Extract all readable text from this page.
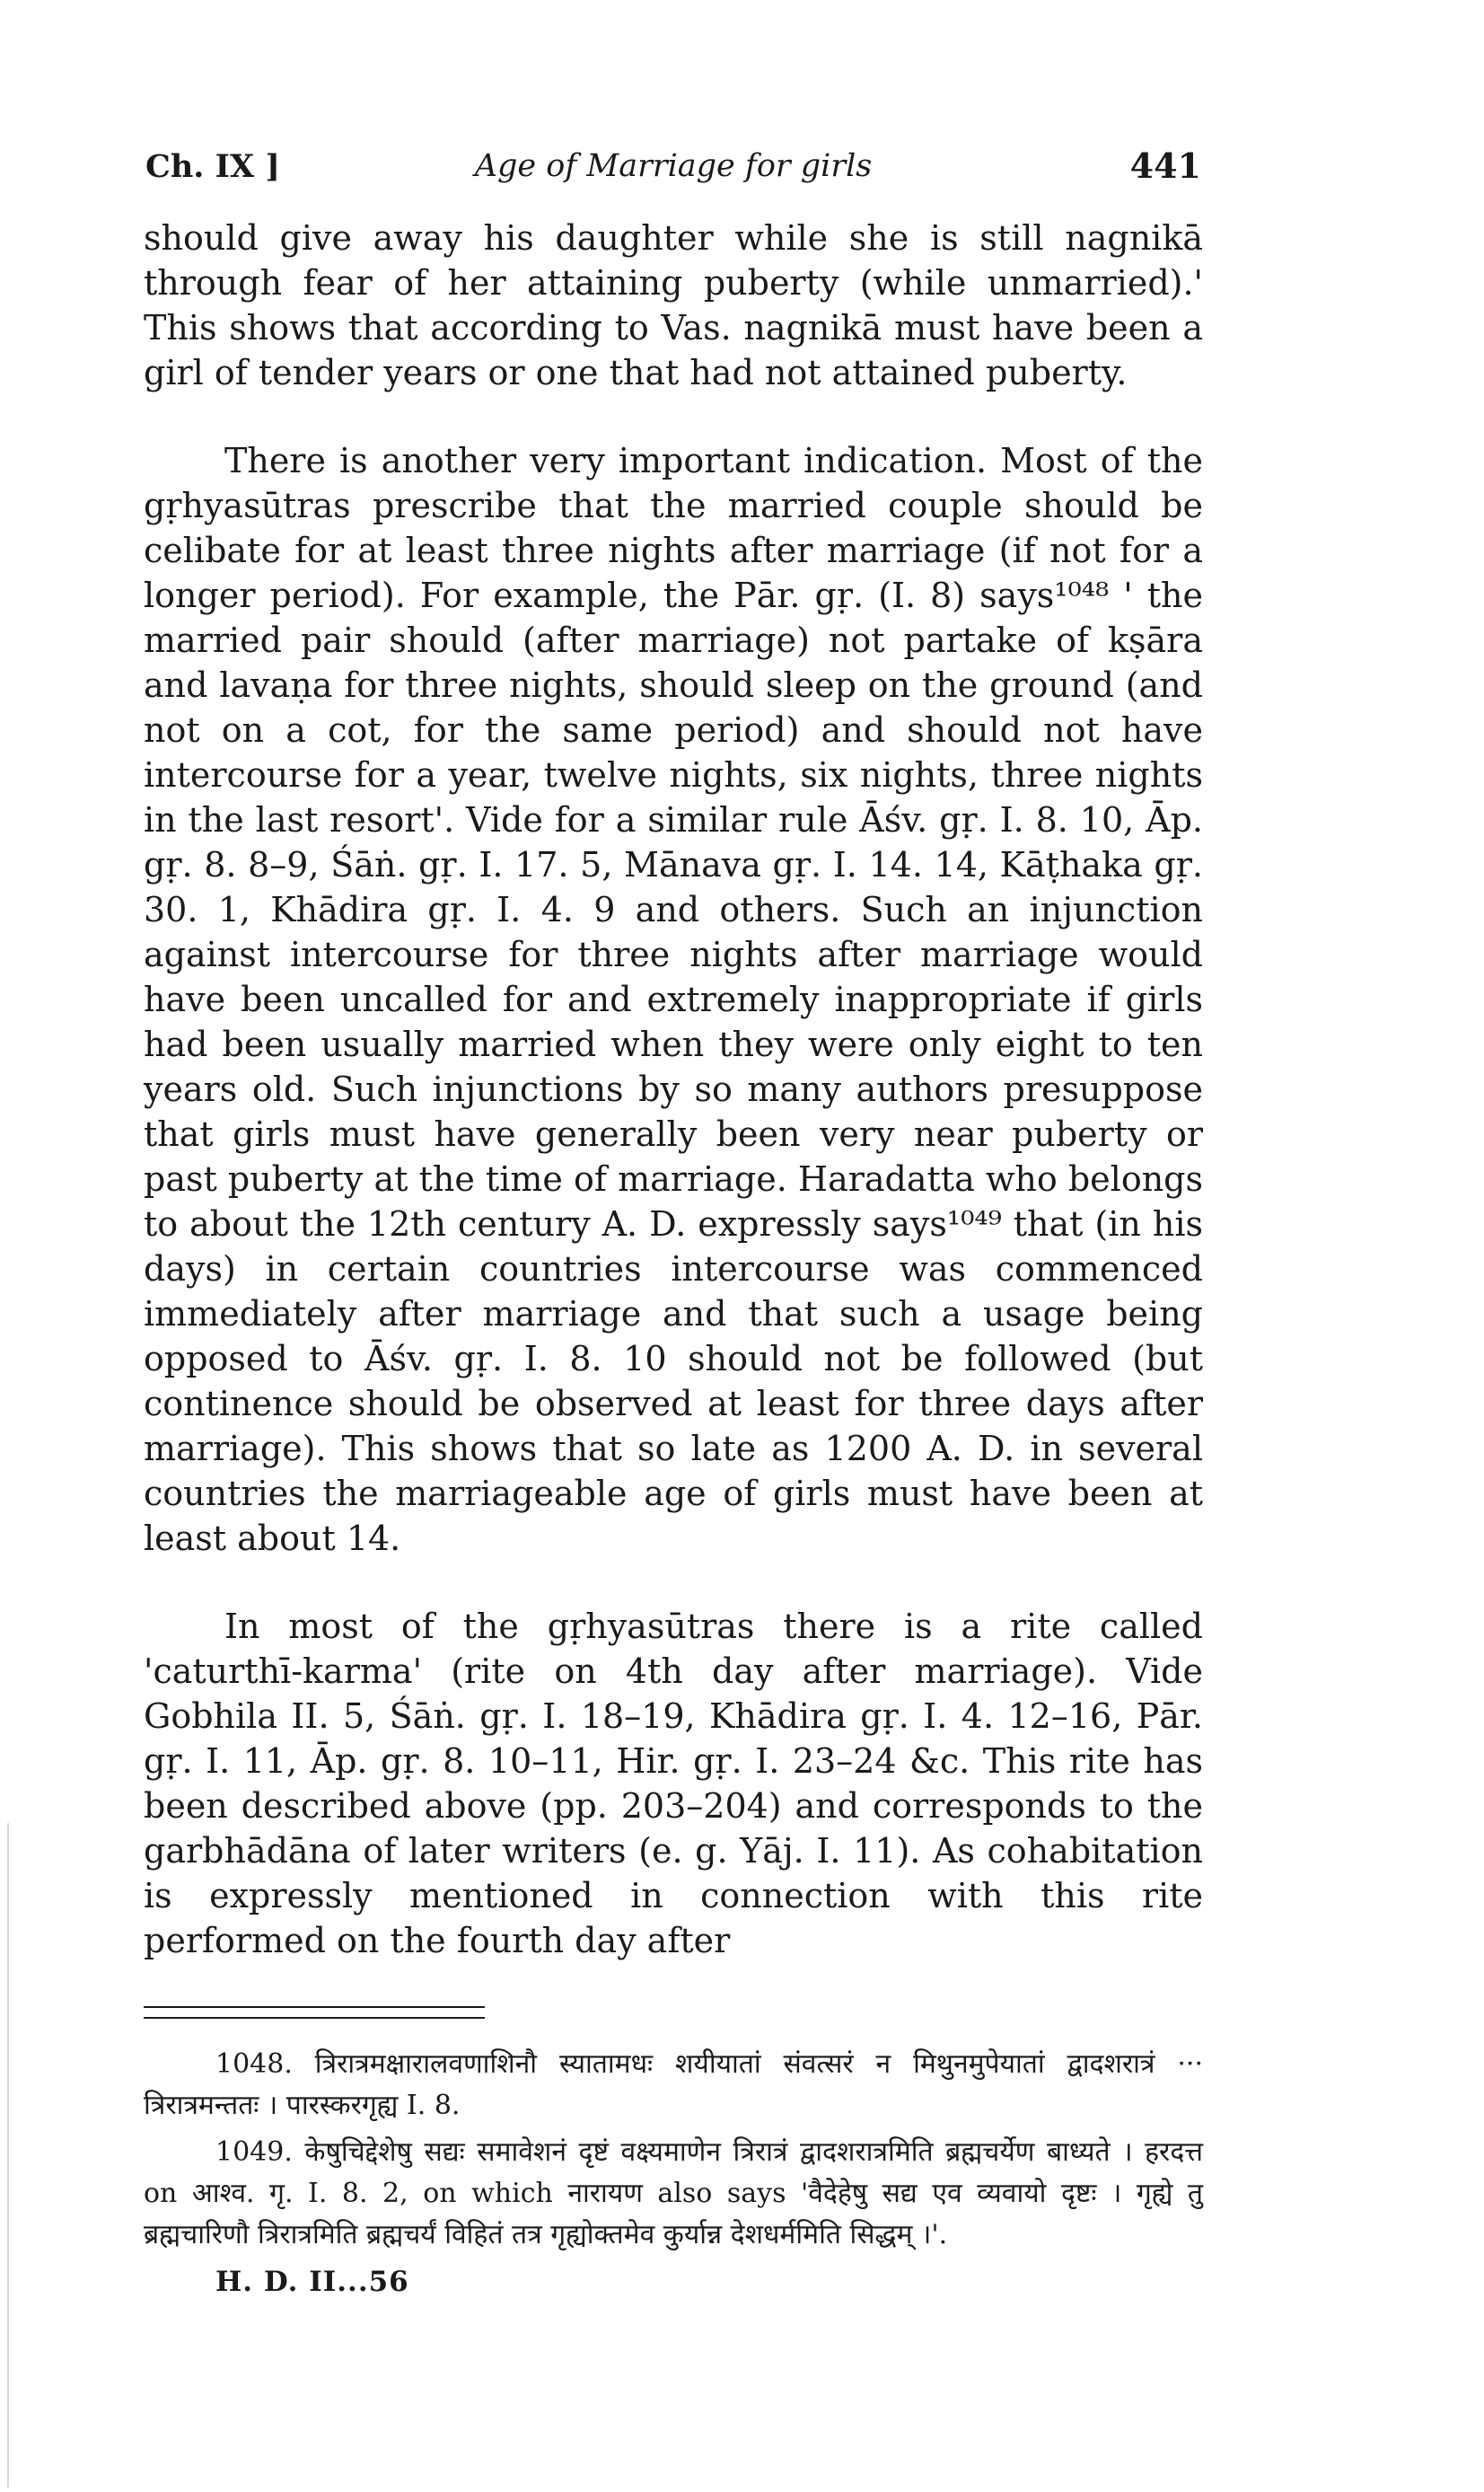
Ch. IX ]	Age of Marriage for girls	441

should give away his daughter while she is still nagnikā through fear of her attaining puberty (while unmarried).' This shows that according to Vas. nagnikā must have been a girl of tender years or one that had not attained puberty.

There is another very important indication. Most of the gṛhyasūtras prescribe that the married couple should be celibate for at least three nights after marriage (if not for a longer period). For example, the Pār. gṛ. (I. 8) says¹⁰⁴⁸ ' the married pair should (after marriage) not partake of kṣāra and lavaṇa for three nights, should sleep on the ground (and not on a cot, for the same period) and should not have intercourse for a year, twelve nights, six nights, three nights in the last resort'. Vide for a similar rule Āśv. gṛ. I. 8. 10, Āp. gṛ. 8. 8–9, Śāṅ. gṛ. I. 17. 5, Mānava gṛ. I. 14. 14, Kāṭhaka gṛ. 30. 1, Khādira gṛ. I. 4. 9 and others. Such an injunction against intercourse for three nights after marriage would have been uncalled for and extremely inappropriate if girls had been usually married when they were only eight to ten years old. Such injunctions by so many authors presuppose that girls must have generally been very near puberty or past puberty at the time of marriage. Haradatta who belongs to about the 12th century A. D. expressly says¹⁰⁴⁹ that (in his days) in certain countries intercourse was commenced immediately after marriage and that such a usage being opposed to Āśv. gṛ. I. 8. 10 should not be followed (but continence should be observed at least for three days after marriage). This shows that so late as 1200 A. D. in several countries the marriageable age of girls must have been at least about 14.

In most of the gṛhyasūtras there is a rite called 'caturthī-karma' (rite on 4th day after marriage). Vide Gobhila II. 5, Śāṅ. gṛ. I. 18–19, Khādira gṛ. I. 4. 12–16, Pār. gṛ. I. 11, Āp. gṛ. 8. 10–11, Hir. gṛ. I. 23–24 &c. This rite has been described above (pp. 203–204) and corresponds to the garbhādāna of later writers (e. g. Yāj. I. 11). As cohabitation is expressly mentioned in connection with this rite performed on the fourth day after

1048. त्रिरात्रमक्षारालवणाशिनौ स्यातामधः शयीयातां संवत्सरं न मिथुनमुपेयातां द्वादशरात्रं ··· त्रिरात्रमन्ततः । पारस्करगृह्य I. 8.

1049. केषुचिद्देशेषु सद्यः समावेशनं दृष्टं वक्ष्यमाणेन त्रिरात्रं द्वादशरात्रमिति ब्रह्मचर्येण बाध्यते । हरदत्त on आश्व. गृ. I. 8. 2, on which नारायण also says 'वैदेहेषु सद्य एव व्यवायो दृष्टः । गृह्ये तु ब्रह्मचारिणौ त्रिरात्रमिति ब्रह्मचर्यं विहितं तत्र गृह्योक्तमेव कुर्यान्न देशधर्ममिति सिद्धम् ।'.

H. D. II...56
